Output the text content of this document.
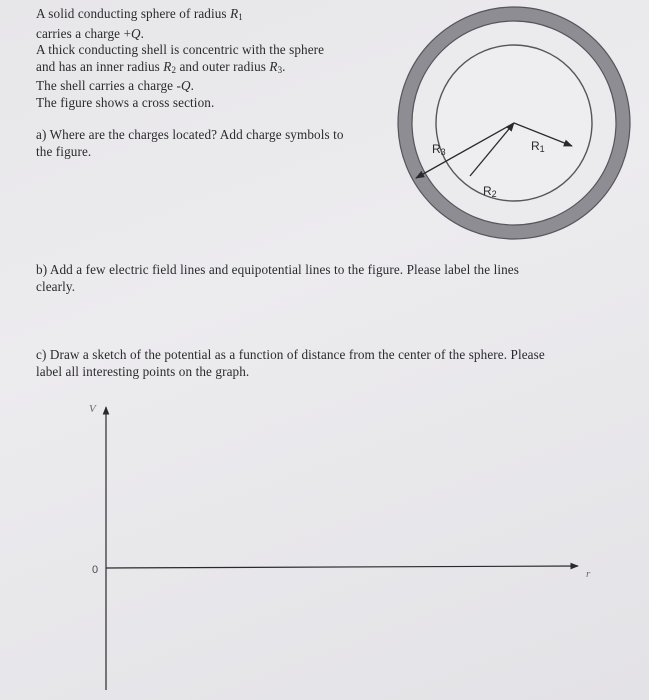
A solid conducting sphere of radius $R_1$
carries a charge +Q.
A thick conducting shell is concentric with the sphere
and has an inner radius $R_2$ and outer radius $R_3$.
The shell carries a charge -Q.
The figure shows a cross section.
a) Where are the charges located? Add charge symbols to
the figure.
b) Add a few electric field lines and equipotential lines to the figure. Please label the lines
clearly.
c) Draw a sketch of the potential as a function of distance from the center of the sphere. Please
label all interesting points on the graph.
R1
R3
R2
V
r
0
